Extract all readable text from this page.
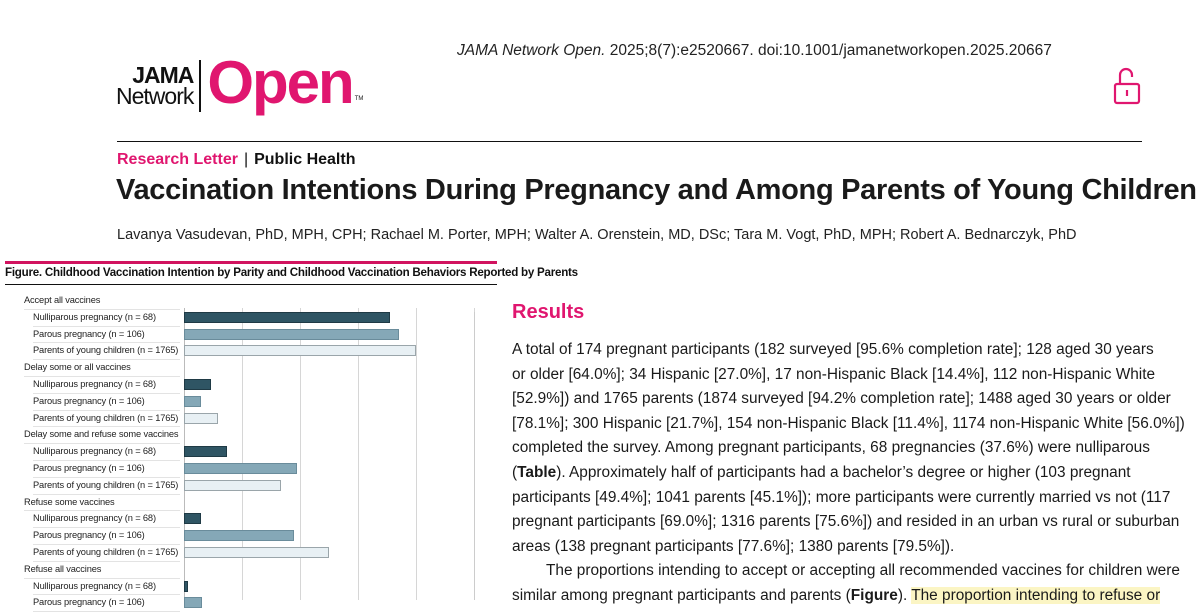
JAMA
Network Open TM
JAMA Network Open. 2025;8(7):e2520667. doi:10.1001/jamanetworkopen.2025.20667
Research Letter | Public Health
Vaccination Intentions During Pregnancy and Among Parents of Young Children
Lavanya Vasudevan, PhD, MPH, CPH; Rachael M. Porter, MPH; Walter A. Orenstein, MD, DSc; Tara M. Vogt, PhD, MPH; Robert A. Bednarczyk, PhD
Figure. Childhood Vaccination Intention by Parity and Childhood Vaccination Behaviors Reported by Parents
Accept all vaccines
Nulliparous pregnancy (n = 68)
Parous pregnancy (n = 106)
Parents of young children (n = 1765)
Delay some or all vaccines
Nulliparous pregnancy (n = 68)
Parous pregnancy (n = 106)
Parents of young children (n = 1765)
Delay some and refuse some vaccines
Nulliparous pregnancy (n = 68)
Parous pregnancy (n = 106)
Parents of young children (n = 1765)
Refuse some vaccines
Nulliparous pregnancy (n = 68)
Parous pregnancy (n = 106)
Parents of young children (n = 1765)
Refuse all vaccines
Nulliparous pregnancy (n = 68)
Parous pregnancy (n = 106)
Results
A total of 174 pregnant participants (182 surveyed [95.6% completion rate]; 128 aged 30 years
or older [64.0%]; 34 Hispanic [27.0%], 17 non-Hispanic Black [14.4%], 112 non-Hispanic White
[52.9%]) and 1765 parents (1874 surveyed [94.2% completion rate]; 1488 aged 30 years or older
[78.1%]; 300 Hispanic [21.7%], 154 non-Hispanic Black [11.4%], 1174 non-Hispanic White [56.0%])
completed the survey. Among pregnant participants, 68 pregnancies (37.6%) were nulliparous
(Table). Approximately half of participants had a bachelor’s degree or higher (103 pregnant
participants [49.4%]; 1041 parents [45.1%]); more participants were currently married vs not (117
pregnant participants [69.0%]; 1316 parents [75.6%]) and resided in an urban vs rural or suburban
areas (138 pregnant participants [77.6%]; 1380 parents [79.5%]).
The proportions intending to accept or accepting all recommended vaccines for children were
similar among pregnant participants and parents (Figure). The proportion intending to refuse or
